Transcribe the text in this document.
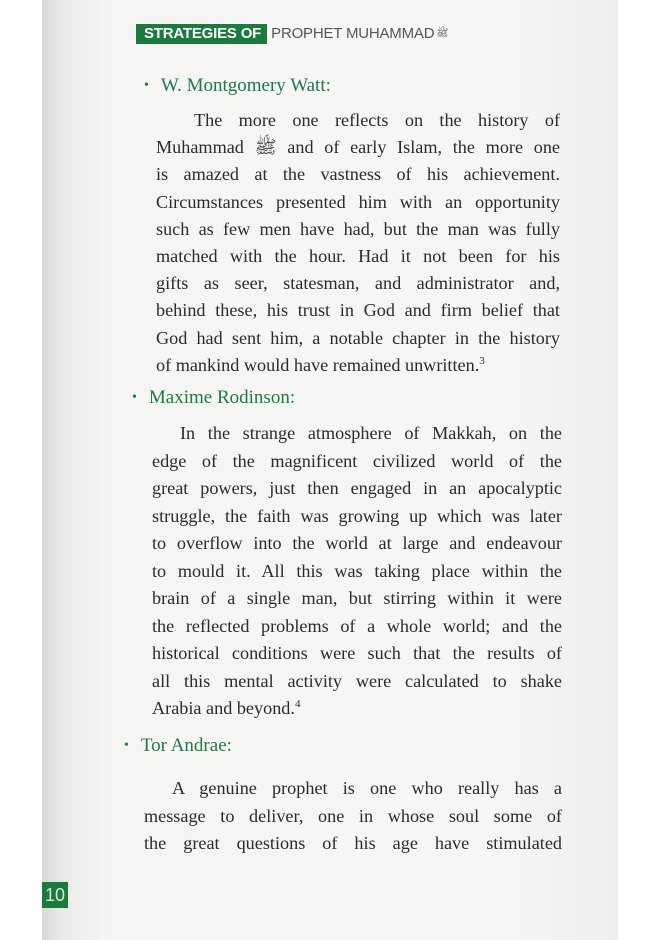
STRATEGIES OF PROPHET MUHAMMAD ﷺ
• W. Montgomery Watt:
The more one reflects on the history of
Muhammad ﷺ and of early Islam, the more one
is amazed at the vastness of his achievement.
Circumstances presented him with an opportunity
such as few men have had, but the man was fully
matched with the hour. Had it not been for his
gifts as seer, statesman, and administrator and,
behind these, his trust in God and firm belief that
God had sent him, a notable chapter in the history
of mankind would have remained unwritten.$^3$
• Maxime Rodinson:
In the strange atmosphere of Makkah, on the
edge of the magnificent civilized world of the
great powers, just then engaged in an apocalyptic
struggle, the faith was growing up which was later
to overflow into the world at large and endeavour
to mould it. All this was taking place within the
brain of a single man, but stirring within it were
the reflected problems of a whole world; and the
historical conditions were such that the results of
all this mental activity were calculated to shake
Arabia and beyond.$^4$
• Tor Andrae:
A genuine prophet is one who really has a
message to deliver, one in whose soul some of
the great questions of his age have stimulated
10
